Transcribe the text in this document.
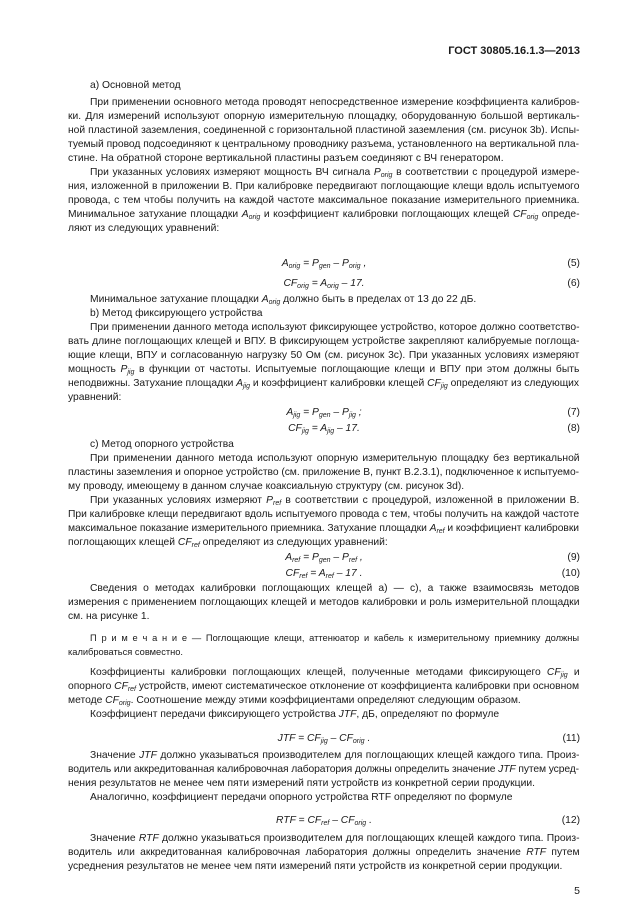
ГОСТ 30805.16.1.3—2013
а) Основной метод
При применении основного метода проводят непосредственное измерение коэффициента калибров-
ки. Для измерений используют опорную измерительную площадку, оборудованную большой вертикаль-
ной пластиной заземления, соединенной с горизонтальной пластиной заземления (см. рисунок 3b). Испы-
туемый провод подсоединяют к центральному проводнику разъема, установленного на вертикальной пла-
стине. На обратной стороне вертикальной пластины разъем соединяют с ВЧ генератором.
При указанных условиях измеряют мощность ВЧ сигнала $P_{orig}$ в соответствии с процедурой измере-
ния, изложенной в приложении В. При калибровке передвигают поглощающие клещи вдоль испытуемого
провода, с тем чтобы получить на каждой частоте максимальное показание измерительного приемника.
Минимальное затухание площадки $A_{orig}$ и коэффициент калибровки поглощающих клещей $CF_{orig}$ опреде-
ляют из следующих уравнений:
$A_{orig} = P_{gen} - P_{orig}$ ,	(5)
$CF_{orig} = A_{orig} - 17$.	(6)
Минимальное затухание площадки $A_{orig}$ должно быть в пределах от 13 до 22 дБ.
b) Метод фиксирующего устройства
При применении данного метода используют фиксирующее устройство, которое должно соответство-
вать длине поглощающих клещей и ВПУ. В фиксирующем устройстве закрепляют калибруемые поглоща-
ющие клещи, ВПУ и согласованную нагрузку 50 Ом (см. рисунок 3с). При указанных условиях измеряют
мощность $P_{jig}$ в функции от частоты. Испытуемые поглощающие клещи и ВПУ при этом должны быть
неподвижны. Затухание площадки $A_{jig}$ и коэффициент калибровки клещей $CF_{jig}$ определяют из следующих
уравнений:
$A_{jig} = P_{gen} - P_{jig}$ ;	(7)
$CF_{jig} = A_{jig} - 17$.	(8)
с) Метод опорного устройства
При применении данного метода используют опорную измерительную площадку без вертикальной
пластины заземления и опорное устройство (см. приложение В, пункт В.2.3.1), подключенное к испытуемо-
му проводу, имеющему в данном случае коаксиальную структуру (см. рисунок 3d).
При указанных условиях измеряют $P_{ref}$ в соответствии с процедурой, изложенной в приложении В.
При калибровке клещи передвигают вдоль испытуемого провода с тем, чтобы получить на каждой частоте
максимальное показание измерительного приемника. Затухание площадки $A_{ref}$ и коэффициент калибровки
поглощающих клещей $CF_{ref}$ определяют из следующих уравнений:
$A_{ref} = P_{gen} - P_{ref}$ ,	(9)
$CF_{ref} = A_{ref} - 17$ .	(10)
Сведения о методах калибровки поглощающих клещей а) — с), а также взаимосвязь методов
измерения с применением поглощающих клещей и методов калибровки и роль измерительной площадки
см. на рисунке 1.
П р и м е ч а н и е — Поглощающие клещи, аттенюатор и кабель к измерительному приемнику должны
калиброваться совместно.
Коэффициенты калибровки поглощающих клещей, полученные методами фиксирующего $CF_{jig}$ и
опорного $CF_{ref}$ устройств, имеют систематическое отклонение от коэффициента калибровки при основном
методе $CF_{orig}$. Соотношение между этими коэффициентами определяют следующим образом.
Коэффициент передачи фиксирующего устройства JTF, дБ, определяют по формуле
JTF = $CF_{jig} - CF_{orig}$ .	(11)
Значение JTF должно указываться производителем для поглощающих клещей каждого типа. Произ-
водитель или аккредитованная калибровочная лаборатория должны определить значение JTF путем усред-
нения результатов не менее чем пяти измерений пяти устройств из конкретной серии продукции.
Аналогично, коэффициент передачи опорного устройства RTF определяют по формуле
RTF = $CF_{ref} - CF_{orig}$ .	(12)
Значение RTF должно указываться производителем для поглощающих клещей каждого типа. Произ-
водитель или аккредитованная калибровочная лаборатория должны определить значение RTF путем
усреднения результатов не менее чем пяти измерений пяти устройств из конкретной серии продукции.
5
